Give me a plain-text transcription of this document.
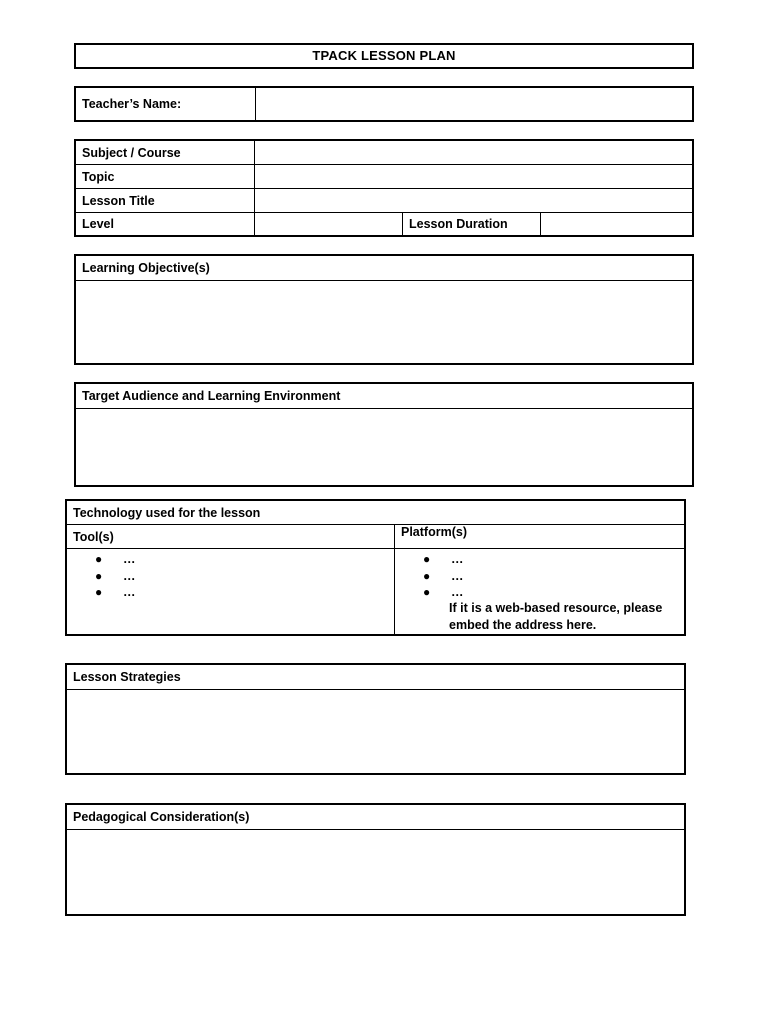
TPACK LESSON PLAN
Teacher’s Name:
Subject / Course
Topic
Lesson Title
Level	Lesson Duration
Learning Objective(s)
Target Audience and Learning Environment
Technology used for the lesson
Tool(s)	Platform(s)
● …
● …
● …
● …
● …
● …
If it is a web-based resource, please embed the address here.
Lesson Strategies
Pedagogical Consideration(s)
